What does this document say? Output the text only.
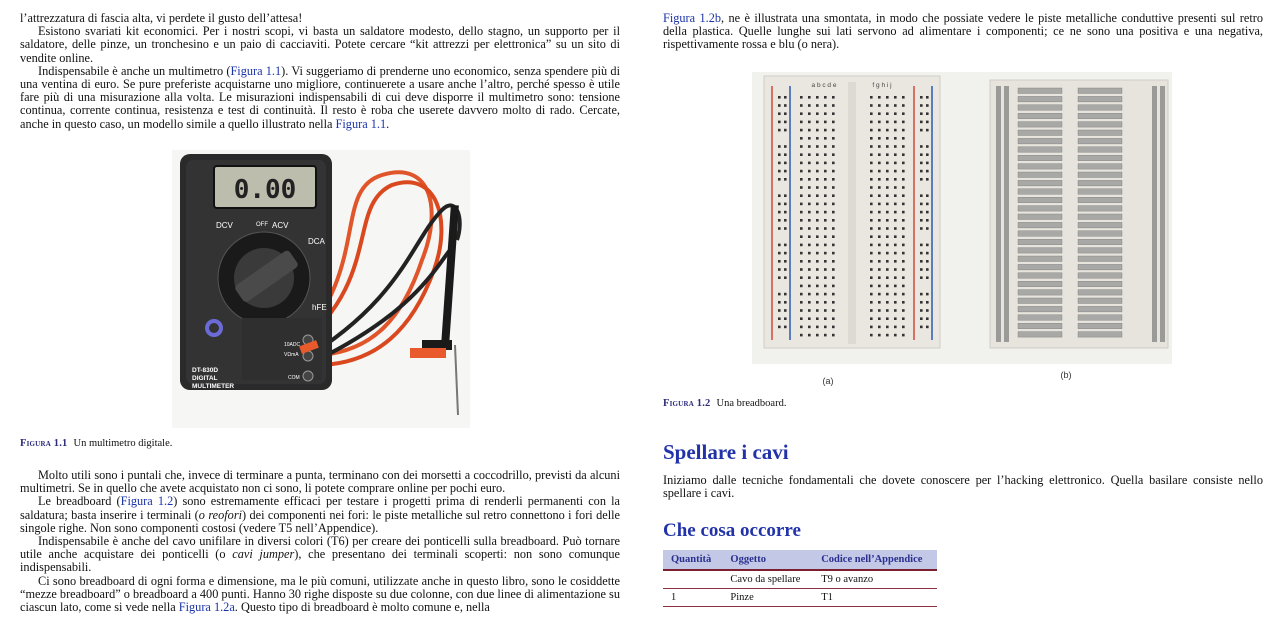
l’attrezzatura di fascia alta, vi perdete il gusto dell’attesa!

Esistono svariati kit economici. Per i nostri scopi, vi basta un saldatore modesto, dello stagno, un supporto per il saldatore, delle pinze, un tronchesino e un paio di cacciaviti. Potete cercare “kit attrezzi per elettronica” su un sito di vendite online.

Indispensabile è anche un multimetro (Figura 1.1). Vi suggeriamo di prenderne uno economico, senza spendere più di una ventina di euro. Se pure preferiste acquistarne uno migliore, continuerete a usare anche l’altro, perché spesso è utile fare più di una misurazione alla volta. Le misurazioni indispensabili di cui deve disporre il multimetro sono: tensione continua, corrente continua, resistenza e test di continuità. Il resto è roba che userete davvero molto di rado. Cercate, anche in questo caso, un modello simile a quello illustrato nella Figura 1.1.

0.00
DCV	ACV
DCA
OFF
hFE
10ADC
VΩmA
COM
DT-830D
DIGITAL
MULTIMETER
Figura 1.1 Un multimetro digitale.

Molto utili sono i puntali che, invece di terminare a punta, terminano con dei morsetti a coccodrillo, previsti da alcuni multimetri. Se in quello che avete acquistato non ci sono, li potete comprare online per pochi euro.

Le breadboard (Figura 1.2) sono estremamente efficaci per testare i progetti prima di renderli permanenti con la saldatura; basta inserire i terminali (o reofori) dei componenti nei fori: le piste metalliche sul retro connettono i fori delle singole righe. Non sono componenti costosi (vedere T5 nell’Appendice).

Indispensabile è anche del cavo unifilare in diversi colori (T6) per creare dei ponticelli sulla breadboard. Può tornare utile anche acquistare dei ponticelli (o cavi jumper), che presentano dei terminali scoperti: non sono comunque indispensabili.

Ci sono breadboard di ogni forma e dimensione, ma le più comuni, utilizzate anche in questo libro, sono le cosiddette “mezze breadboard” o breadboard a 400 punti. Hanno 30 righe disposte su due colonne, con due linee di alimentazione su ciascun lato, come si vede nella Figura 1.2a. Questo tipo di breadboard è molto comune e, nella

Figura 1.2b, ne è illustrata una smontata, in modo che possiate vedere le piste metalliche conduttive presenti sul retro della plastica. Quelle lunghe sui lati servono ad alimentare i componenti; ce ne sono una positiva e una negativa, rispettivamente rossa e blu (o nera).

a b c d e	f g h i j
(a)
(b)
Figura 1.2 Una breadboard.
Spellare i cavi

Iniziamo dalle tecniche fondamentali che dovete conoscere per l’hacking elettronico. Quella basilare consiste nello spellare i cavi.

Che cosa occorre
Quantità	Oggetto	Codice nell’Appendice
	Cavo da spellare	T9 o avanzo
1	Pinze	T1
